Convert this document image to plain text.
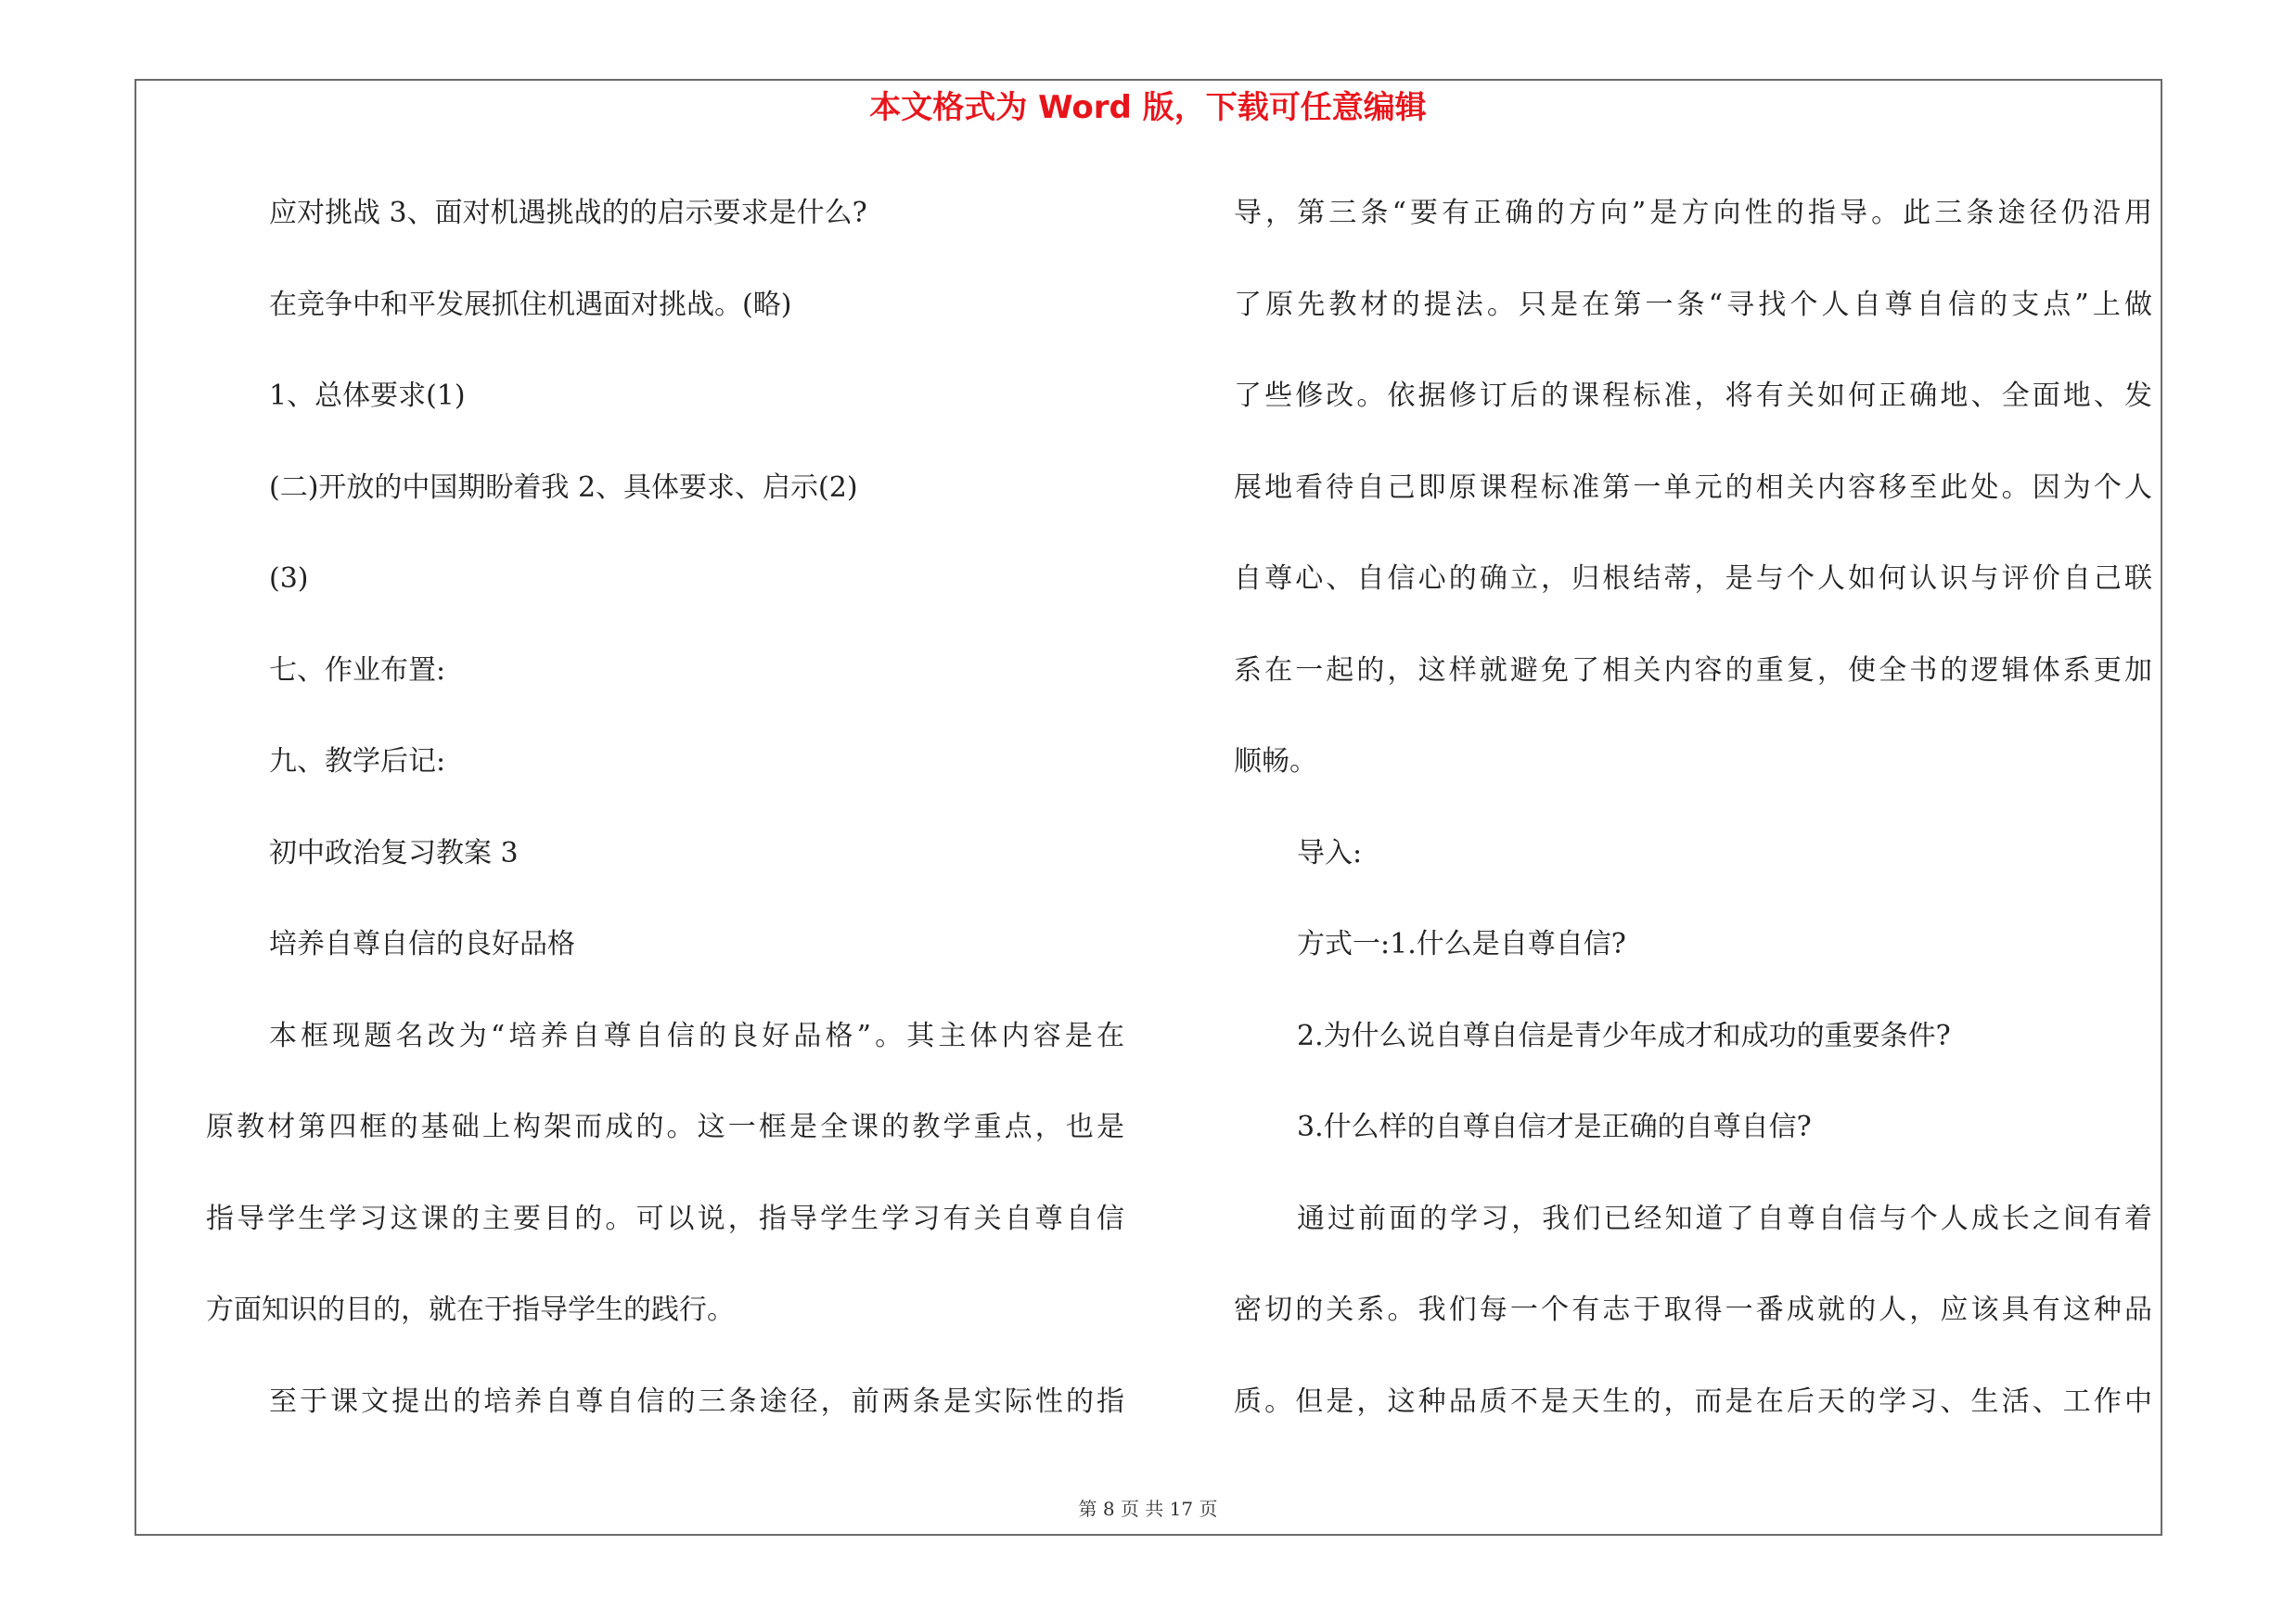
本文格式为 Word 版，下载可任意编辑
应对挑战 3、面对机遇挑战的的启示要求是什么?
在竞争中和平发展抓住机遇面对挑战。(略)
1、总体要求(1)
(二)开放的中国期盼着我 2、具体要求、启示(2)
(3)
七、作业布置:
九、教学后记:
初中政治复习教案 3
培养自尊自信的良好品格
本框现题名改为“培养自尊自信的良好品格”。其主体内容是在
原教材第四框的基础上构架而成的。这一框是全课的教学重点，也是
指导学生学习这课的主要目的。可以说，指导学生学习有关自尊自信
方面知识的目的，就在于指导学生的践行。
至于课文提出的培养自尊自信的三条途径，前两条是实际性的指
导，第三条“要有正确的方向”是方向性的指导。此三条途径仍沿用
了原先教材的提法。只是在第一条“寻找个人自尊自信的支点”上做
了些修改。依据修订后的课程标准，将有关如何正确地、全面地、发
展地看待自己即原课程标准第一单元的相关内容移至此处。因为个人
自尊心、自信心的确立，归根结蒂，是与个人如何认识与评价自己联
系在一起的，这样就避免了相关内容的重复，使全书的逻辑体系更加
顺畅。
导入:
方式一:1.什么是自尊自信?
2.为什么说自尊自信是青少年成才和成功的重要条件?
3.什么样的自尊自信才是正确的自尊自信?
通过前面的学习，我们已经知道了自尊自信与个人成长之间有着
密切的关系。我们每一个有志于取得一番成就的人，应该具有这种品
质。但是，这种品质不是天生的，而是在后天的学习、生活、工作中
第 8 页 共 17 页
